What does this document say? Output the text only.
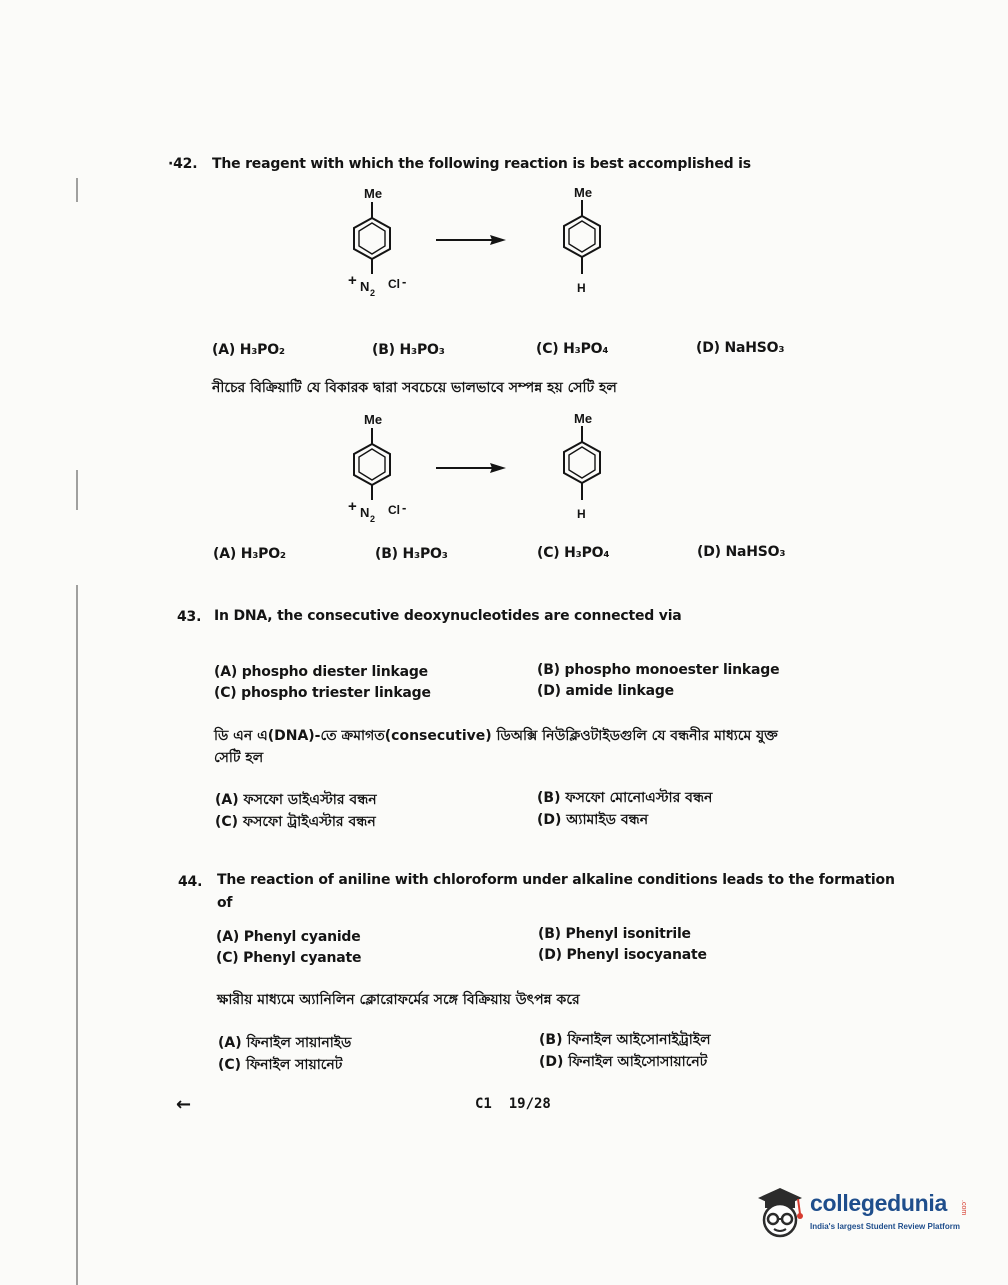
·42. The reagent with which the following reaction is best accomplished is
Me
+ N 2
Cl -
Me
H
(A) H₃PO₂	(B) H₃PO₃	(C) H₃PO₄	(D) NaHSO₃
নীচের বিক্রিয়াটি যে বিকারক দ্বারা সবচেয়ে ভালভাবে সম্পন্ন হয় সেটি হল
Me
+ N 2
Cl -
Me
H
(A) H₃PO₂	(B) H₃PO₃	(C) H₃PO₄	(D) NaHSO₃
43. In DNA, the consecutive deoxynucleotides are connected via
(A) phospho diester linkage	(B) phospho monoester linkage
(C) phospho triester linkage	(D) amide linkage
ডি এন এ(DNA)-তে ক্রমাগত(consecutive) ডিঅক্সি নিউক্লিওটাইডগুলি যে বন্ধনীর মাধ্যমে যুক্ত
সেটি হল
(A) ফসফো ডাইএস্টার বন্ধন	(B) ফসফো মোনোএস্টার বন্ধন
(C) ফসফো ট্রাইএস্টার বন্ধন	(D) অ্যামাইড বন্ধন
44. The reaction of aniline with chloroform under alkaline conditions leads to the formation
of
(A) Phenyl cyanide	(B) Phenyl isonitrile
(C) Phenyl cyanate	(D) Phenyl isocyanate
ক্ষারীয় মাধ্যমে অ্যানিলিন ক্লোরোফর্মের সঙ্গে বিক্রিয়ায় উৎপন্ন করে
(A) ফিনাইল সায়ানাইড	(B) ফিনাইল আইসোনাইট্রাইল
(C) ফিনাইল সায়ানেট	(D) ফিনাইল আইসোসায়ানেট
←	C1  19/28
collegedunia .com
India's largest Student Review Platform
